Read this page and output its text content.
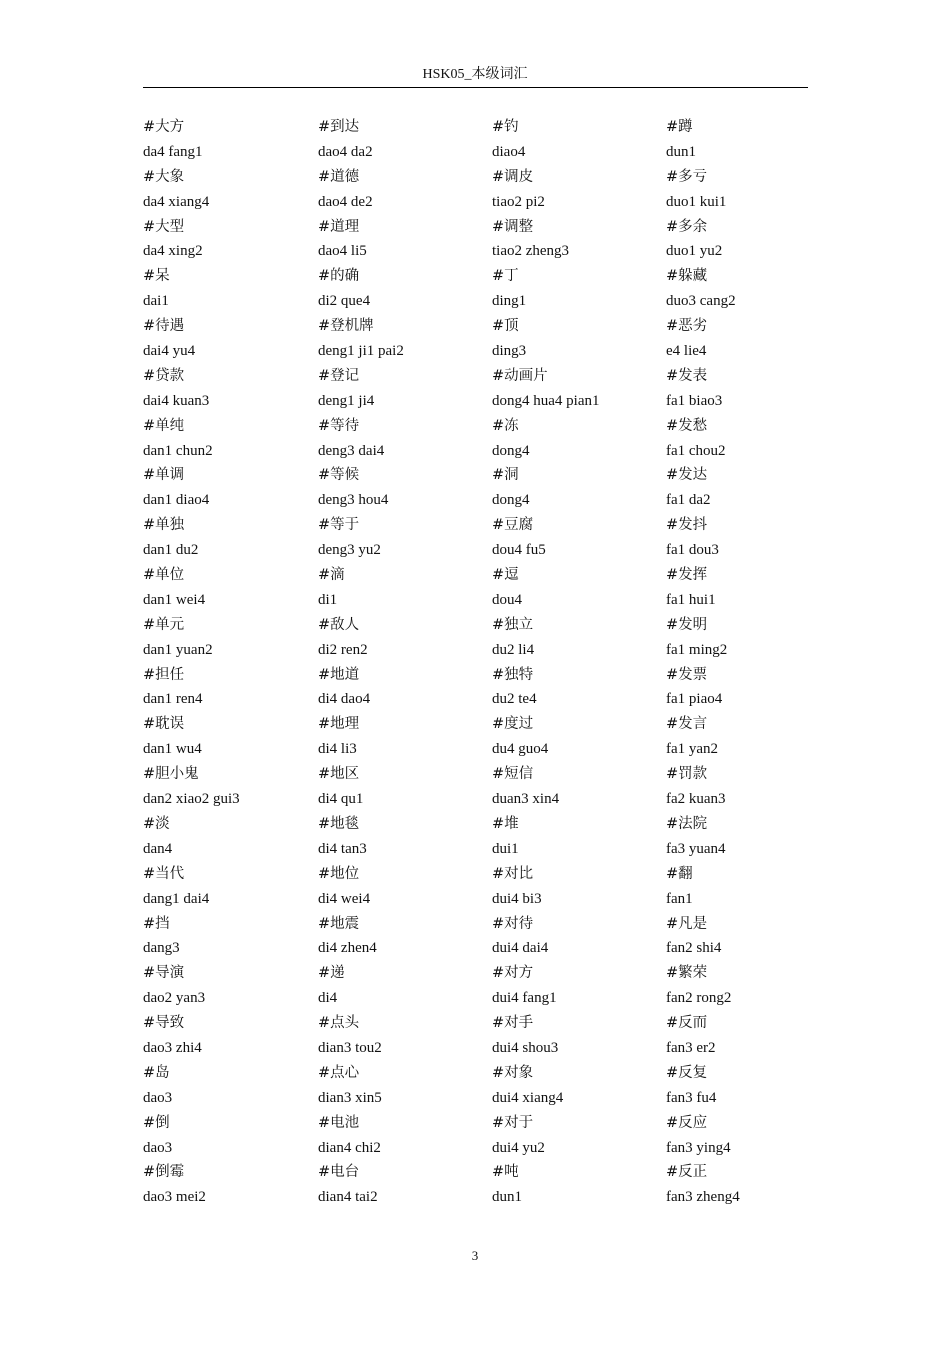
HSK05_本级词汇
#大方
da4 fang1
#大象
da4 xiang4
#大型
da4 xing2
#呆
dai1
#待遇
dai4 yu4
#贷款
dai4 kuan3
#单纯
dan1 chun2
#单调
dan1 diao4
#单独
dan1 du2
#单位
dan1 wei4
#单元
dan1 yuan2
#担任
dan1 ren4
#耽误
dan1 wu4
#胆小鬼
dan2 xiao2 gui3
#淡
dan4
#当代
dang1 dai4
#挡
dang3
#导演
dao2 yan3
#导致
dao3 zhi4
#岛
dao3
#倒
dao3
#倒霉
dao3 mei2
#到达
dao4 da2
#道德
dao4 de2
#道理
dao4 li5
#的确
di2 que4
#登机牌
deng1 ji1 pai2
#登记
deng1 ji4
#等待
deng3 dai4
#等候
deng3 hou4
#等于
deng3 yu2
#滴
di1
#敌人
di2 ren2
#地道
di4 dao4
#地理
di4 li3
#地区
di4 qu1
#地毯
di4 tan3
#地位
di4 wei4
#地震
di4 zhen4
#递
di4
#点头
dian3 tou2
#点心
dian3 xin5
#电池
dian4 chi2
#电台
dian4 tai2
#钓
diao4
#调皮
tiao2 pi2
#调整
tiao2 zheng3
#丁
ding1
#顶
ding3
#动画片
dong4 hua4 pian1
#冻
dong4
#洞
dong4
#豆腐
dou4 fu5
#逗
dou4
#独立
du2 li4
#独特
du2 te4
#度过
du4 guo4
#短信
duan3 xin4
#堆
dui1
#对比
dui4 bi3
#对待
dui4 dai4
#对方
dui4 fang1
#对手
dui4 shou3
#对象
dui4 xiang4
#对于
dui4 yu2
#吨
dun1
#蹲
dun1
#多亏
duo1 kui1
#多余
duo1 yu2
#躲藏
duo3 cang2
#恶劣
e4 lie4
#发表
fa1 biao3
#发愁
fa1 chou2
#发达
fa1 da2
#发抖
fa1 dou3
#发挥
fa1 hui1
#发明
fa1 ming2
#发票
fa1 piao4
#发言
fa1 yan2
#罚款
fa2 kuan3
#法院
fa3 yuan4
#翻
fan1
#凡是
fan2 shi4
#繁荣
fan2 rong2
#反而
fan3 er2
#反复
fan3 fu4
#反应
fan3 ying4
#反正
fan3 zheng4
3
